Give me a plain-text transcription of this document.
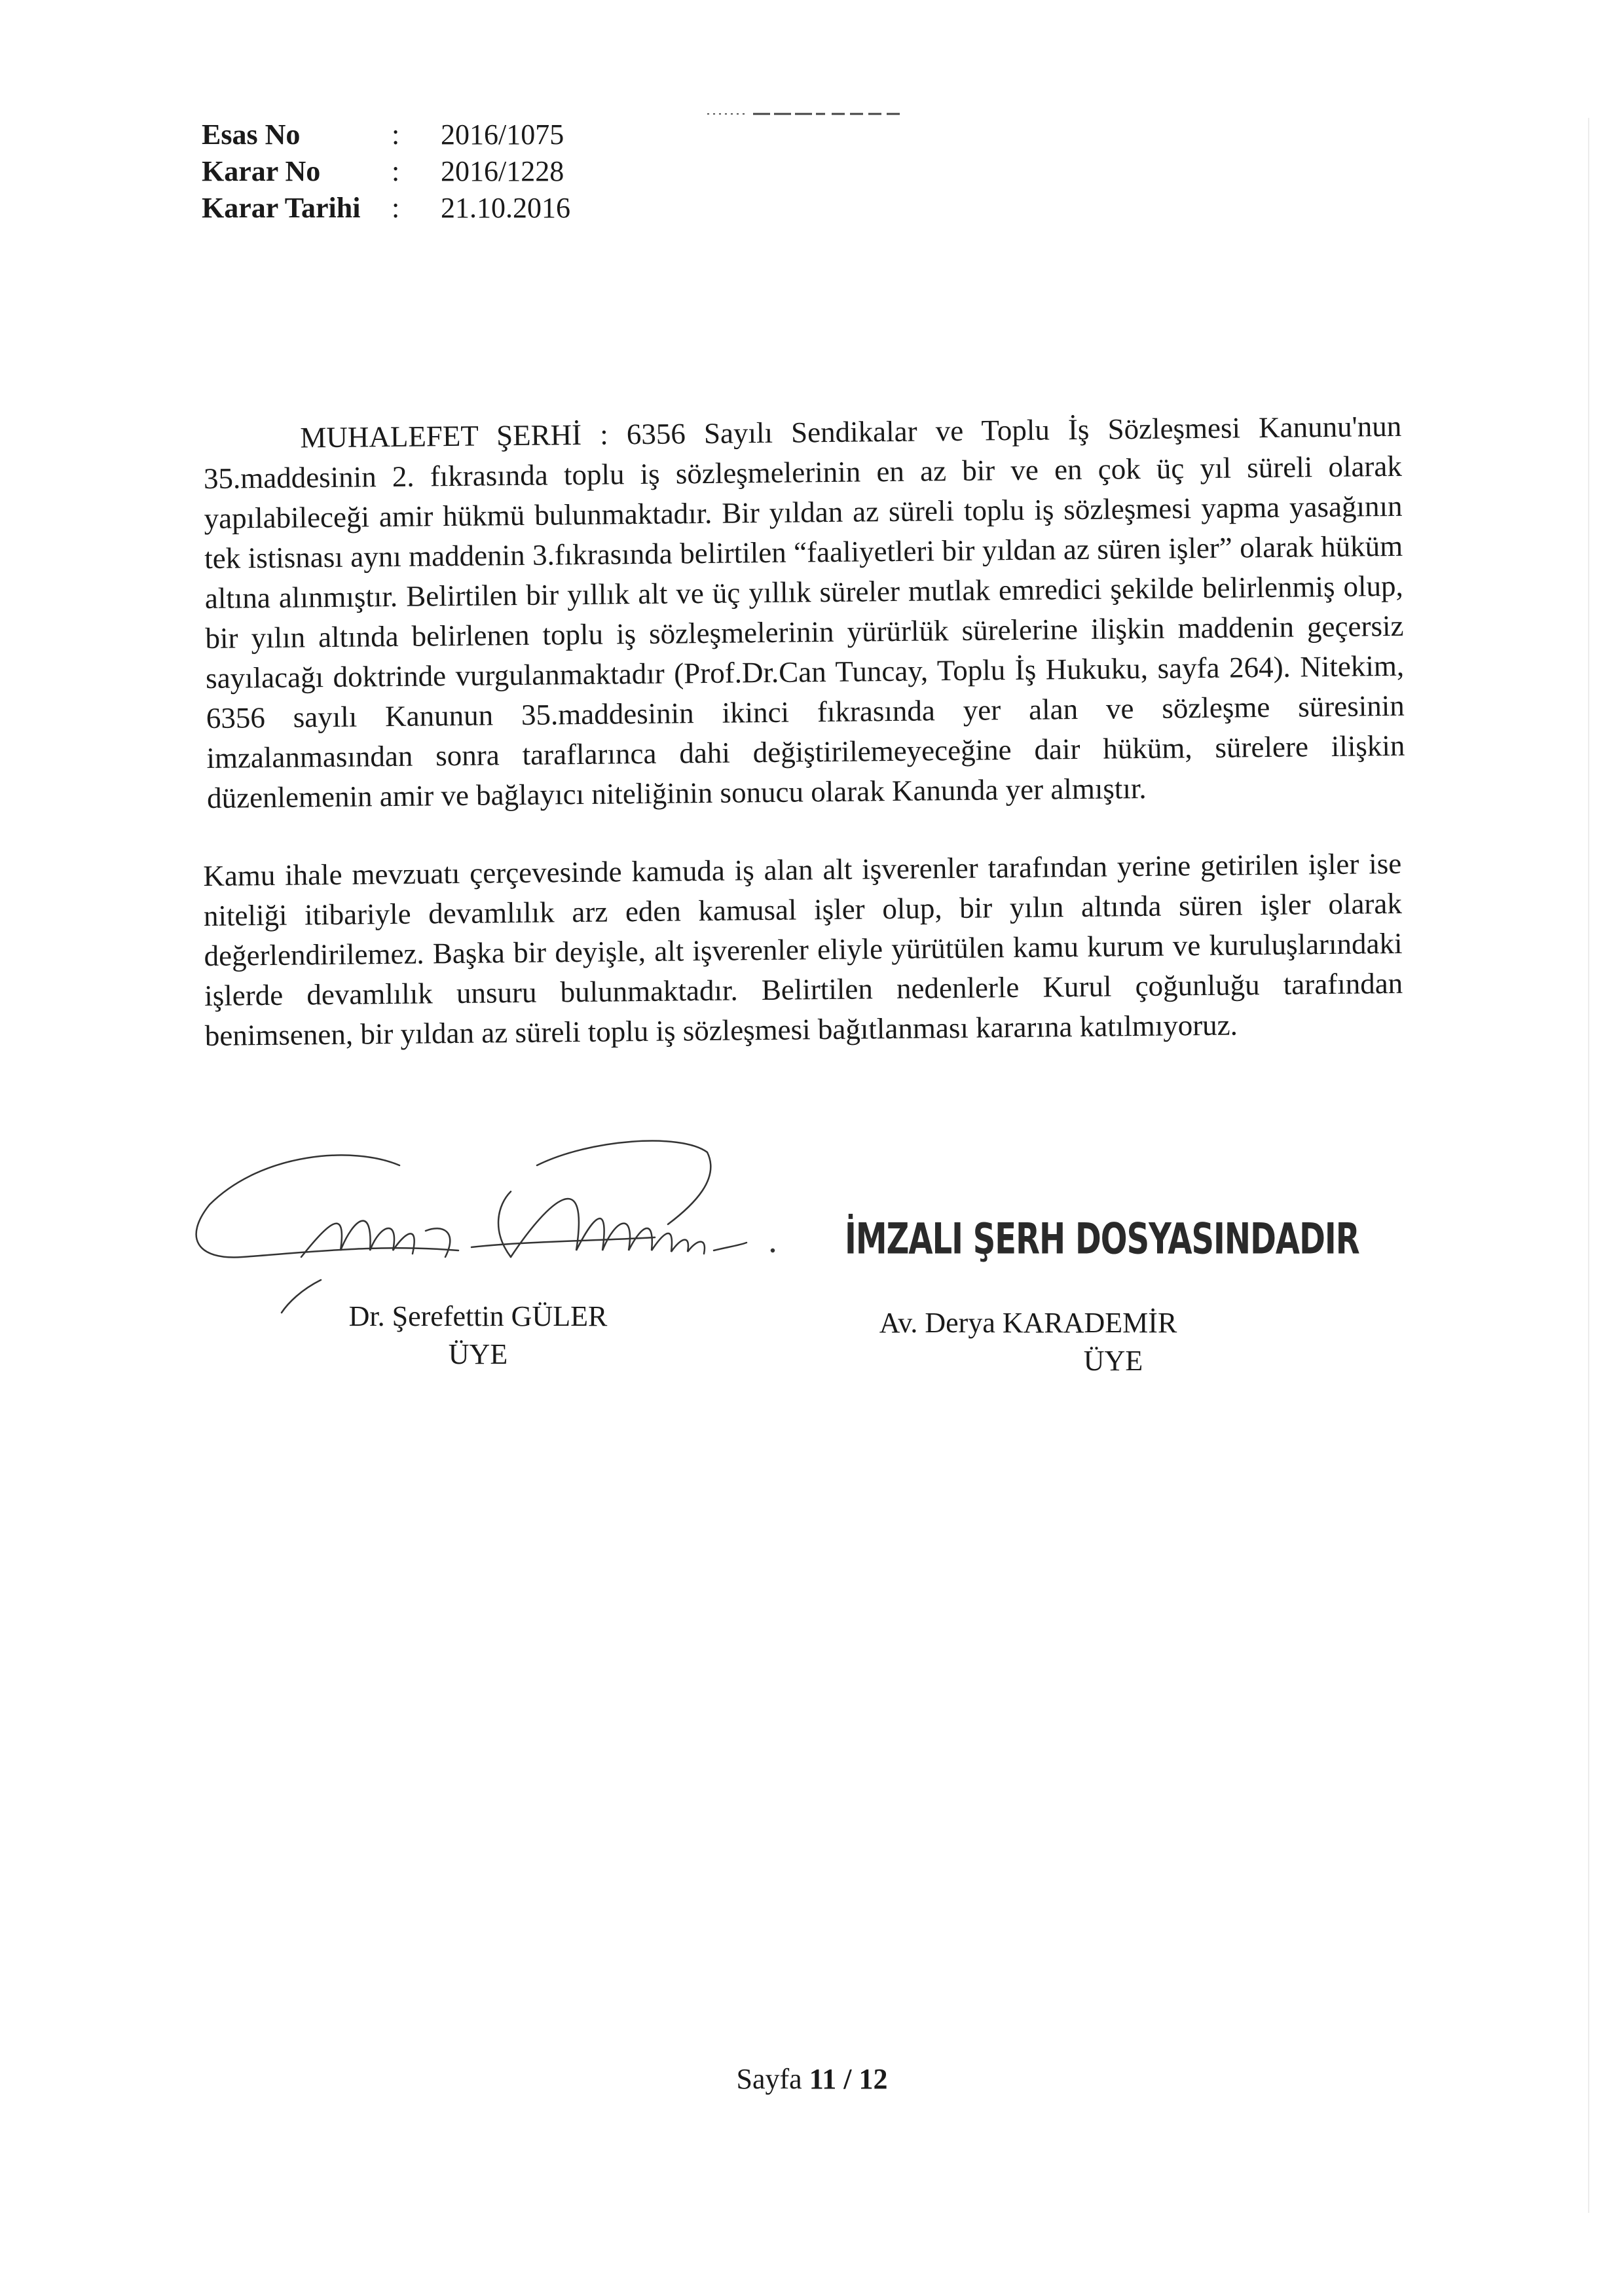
Esas No	:	2016/1075
Karar No	:	2016/1228
Karar Tarihi	:	21.10.2016

MUHALEFET ŞERHİ : 6356 Sayılı Sendikalar ve Toplu İş Sözleşmesi Kanunu'nun 35.maddesinin 2. fıkrasında toplu iş sözleşmelerinin en az bir ve en çok üç yıl süreli olarak yapılabileceği amir hükmü bulunmaktadır. Bir yıldan az süreli toplu iş sözleşmesi yapma yasağının tek istisnası aynı maddenin 3.fıkrasında belirtilen “faaliyetleri bir yıldan az süren işler” olarak hüküm altına alınmıştır. Belirtilen bir yıllık alt ve üç yıllık süreler mutlak emredici şekilde belirlenmiş olup, bir yılın altında belirlenen toplu iş sözleşmelerinin yürürlük sürelerine ilişkin maddenin geçersiz sayılacağı doktrinde vurgulanmaktadır (Prof.Dr.Can Tuncay, Toplu İş Hukuku, sayfa 264). Nitekim, 6356 sayılı Kanunun 35.maddesinin ikinci fıkrasında yer alan ve sözleşme süresinin imzalanmasından sonra taraflarınca dahi değiştirilemeyeceğine dair hüküm, sürelere ilişkin düzenlemenin amir ve bağlayıcı niteliğinin sonucu olarak Kanunda yer almıştır.

Kamu ihale mevzuatı çerçevesinde kamuda iş alan alt işverenler tarafından yerine getirilen işler ise niteliği itibariyle devamlılık arz eden kamusal işler olup, bir yılın altında süren işler olarak değerlendirilemez. Başka bir deyişle, alt işverenler eliyle yürütülen kamu kurum ve kuruluşlarındaki işlerde devamlılık unsuru bulunmaktadır. Belirtilen nedenlerle Kurul çoğunluğu tarafından benimsenen, bir yıldan az süreli toplu iş sözleşmesi bağıtlanması kararına katılmıyoruz.

Dr. Şerefettin GÜLER
ÜYE
İMZALI ŞERH DOSYASINDADIR
Av. Derya KARADEMİR
ÜYE
Sayfa 11 / 12
